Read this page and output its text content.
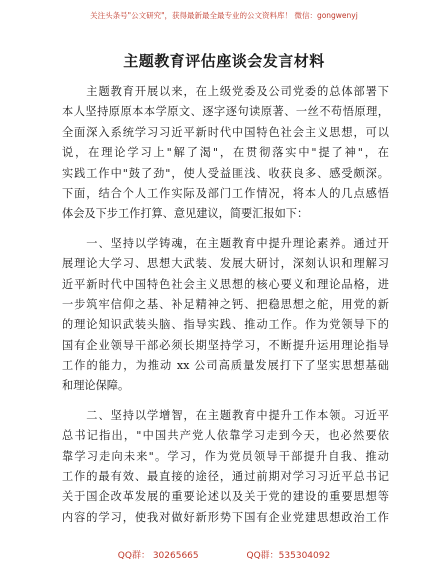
关注头条号"公文研究"，获得最新最全最专业的公文资料库！ 微信：gongwenyj
主题教育评估座谈会发言材料
　　主题教育开展以来，在上级党委及公司党委的总体部署下
本人坚持原原本本学原文、逐字逐句读原著、一丝不苟悟原理，
全面深入系统学习习近平新时代中国特色社会主义思想，可以
说，在理论学习上"解了渴"，在贯彻落实中"提了神"，在
实践工作中"鼓了劲"，使人受益匪浅、收获良多、感受颇深。
下面，结合个人工作实际及部门工作情况，将本人的几点感悟
体会及下步工作打算、意见建议，简要汇报如下：
　　一、坚持以学铸魂，在主题教育中提升理论素养。通过开
展理论大学习、思想大武装、发展大研讨，深刻认识和理解习
近平新时代中国特色社会主义思想的核心要义和理论品格，进
一步筑牢信仰之基、补足精神之钙、把稳思想之舵，用党的新
的理论知识武装头脑、指导实践、推动工作。作为党领导下的
国有企业领导干部必须长期坚持学习，不断提升运用理论指导
工作的能力，为推动 xx 公司高质量发展打下了坚实思想基础
和理论保障。
　　二、坚持以学增智，在主题教育中提升工作本领。习近平
总书记指出，"中国共产党人依靠学习走到今天，也必然要依
靠学习走向未来"。学习，作为党员领导干部提升自我、推动
工作的最有效、最直接的途径，通过前期对学习习近平总书记
关于国企改革发展的重要论述以及关于党的建设的重要思想等
内容的学习，使我对做好新形势下国有企业党建思想政治工作
QQ群： 30265665　　　　　 QQ群：535304092
